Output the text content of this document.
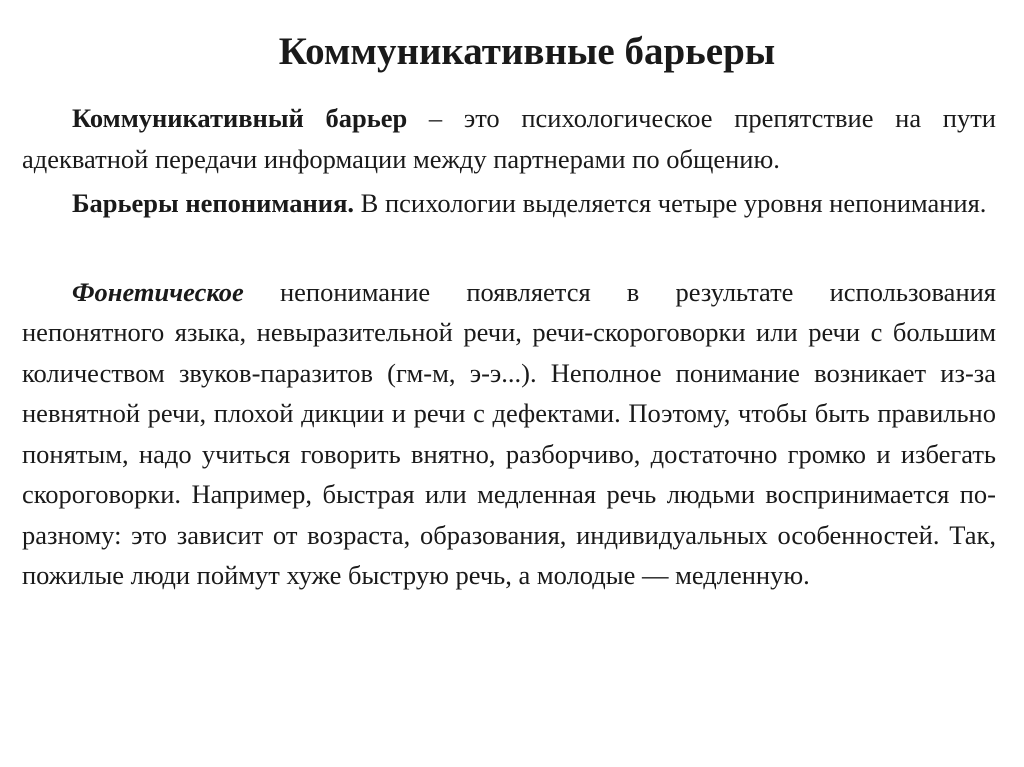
Коммуникативные барьеры

Коммуникативный барьер – это психологическое препятствие на пути адекватной передачи информации между партнерами по общению.

Барьеры непонимания. В психологии выделяется четыре уровня непонимания.

Фонетическое непонимание появляется в результате использования непонятного языка, невыразительной речи, речи-скороговорки или речи с большим количеством звуков-паразитов (гм-м, э-э...). Неполное понимание возникает из-за невнятной речи, плохой дикции и речи с дефектами. Поэтому, чтобы быть правильно понятым, надо учиться говорить внятно, разборчиво, достаточно громко и избегать скороговорки. Например, быстрая или медленная речь людьми воспринимается по-разному: это зависит от возраста, образования, индивидуальных особенностей. Так, пожилые люди поймут хуже быструю речь, а молодые — медленную.
